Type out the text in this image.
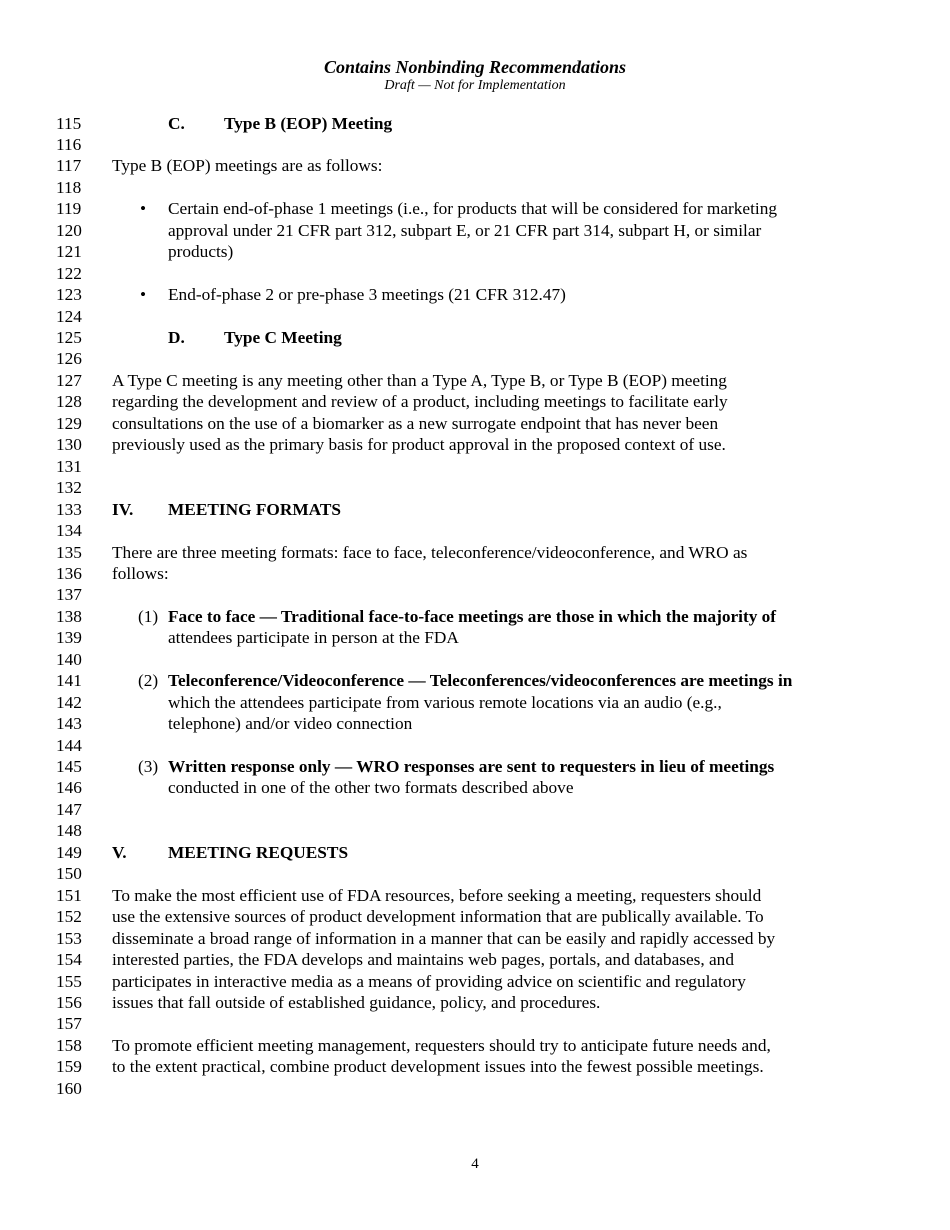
Contains Nonbinding Recommendations
Draft — Not for Implementation
115	C. Type B (EOP) Meeting
116
117	Type B (EOP) meetings are as follows:
118
119	• Certain end-of-phase 1 meetings (i.e., for products that will be considered for marketing
120	approval under 21 CFR part 312, subpart E, or 21 CFR part 314, subpart H, or similar
121	products)
122
123	• End-of-phase 2 or pre-phase 3 meetings (21 CFR 312.47)
124
125	D. Type C Meeting
126
127	A Type C meeting is any meeting other than a Type A, Type B, or Type B (EOP) meeting
128	regarding the development and review of a product, including meetings to facilitate early
129	consultations on the use of a biomarker as a new surrogate endpoint that has never been
130	previously used as the primary basis for product approval in the proposed context of use.
131
132
133	IV. MEETING FORMATS
134
135	There are three meeting formats: face to face, teleconference/videoconference, and WRO as
136	follows:
137
138	(1) Face to face — Traditional face-to-face meetings are those in which the majority of
139	attendees participate in person at the FDA
140
141	(2) Teleconference/Videoconference — Teleconferences/videoconferences are meetings in
142	which the attendees participate from various remote locations via an audio (e.g.,
143	telephone) and/or video connection
144
145	(3) Written response only — WRO responses are sent to requesters in lieu of meetings
146	conducted in one of the other two formats described above
147
148
149	V. MEETING REQUESTS
150
151	To make the most efficient use of FDA resources, before seeking a meeting, requesters should
152	use the extensive sources of product development information that are publically available. To
153	disseminate a broad range of information in a manner that can be easily and rapidly accessed by
154	interested parties, the FDA develops and maintains web pages, portals, and databases, and
155	participates in interactive media as a means of providing advice on scientific and regulatory
156	issues that fall outside of established guidance, policy, and procedures.
157
158	To promote efficient meeting management, requesters should try to anticipate future needs and,
159	to the extent practical, combine product development issues into the fewest possible meetings.
160
4
